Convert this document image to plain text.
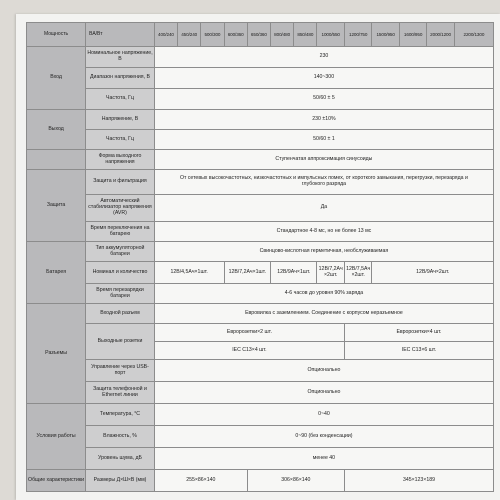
Мощность	ВА/Вт	400/240	450/240	500/300	600/360	650/360	800/480	850/480	1000/550	1200/750	1500/950	1600/950	2000/1200	2200/1300
Вход	Номинальное напряжение, В	230												
	Диапазон напряжения, В	140~300												
	Частота, Гц	50/60 ± 5												
Выход	Напряжение, В	230 ±10%												
	Частота, Гц	50/60 ± 1												
	Форма выходного напряжения	Ступенчатая аппроксимация синусоиды												
Защита	Защита и фильтрация	От сетевых высокочастотных, низкочастотных и импульсных помех, от короткого замыкания, перегрузки, перезаряда и глубокого разряда												
	Автоматический стабилизатор напряжения (AVR)	Да												
	Время переключения на батарею	Стандартное 4-8 мс, но не более 13 мс												
Батарея	Тип аккумуляторной батареи	Свинцово-кислотная герметичная, необслуживаемая												
	Номинал и количество	12В/4,5Ач×1шт.			12В/7,2Ач×1шт.		12В/9Ач×1шт.		12В/7,2Ач ×2шт.	12В/7,5Ач ×2шт.	12В/9Ач×2шт.			
	Время перезарядки батареи	4-6 часов до уровня 90% заряда												
Разъемы	Входной разъем	Евровилка с заземлением. Соединение с корпусом неразъемное												
	Выходные розетки	Евророзетки×2 шт.								Евророзетки×4 шт.				
		IEC C13×4 шт.								IEC C13×6 шт.				
	Управление через USB-порт	Опционально												
	Защита телефонной и Ethernet линии	Опционально												
Условия работы	Температура, °С	0~40												
	Влажность, %	0~90 (без конденсации)												
	Уровень шума, дБ	менее 40												
Общие характеристики	Размеры Д×Ш×В (мм)	255×86×140				306×86×140				345×123×189				
